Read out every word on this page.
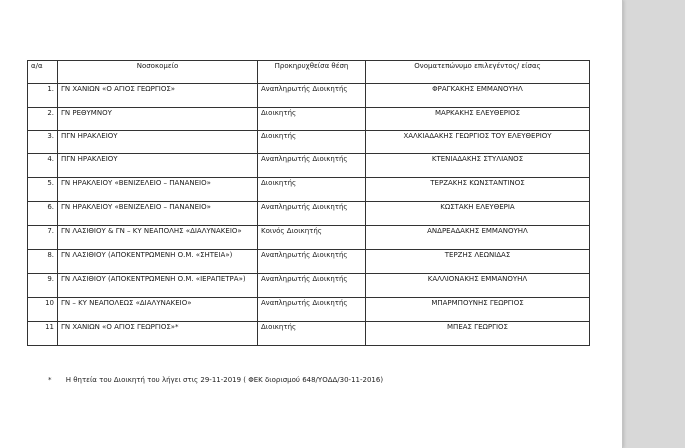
α/α	Νοσοκομείο	Προκηρυχθείσα θέση	Ονοματεπώνυμο επιλεγέντος/ είσας
1.	ΓΝ ΧΑΝΙΩΝ «Ο ΑΓΙΟΣ ΓΕΩΡΓΙΟΣ»	Αναπληρωτής Διοικητής	ΦΡΑΓΚΑΚΗΣ ΕΜΜΑΝΟΥΗΛ
2.	ΓΝ ΡΕΘΥΜΝΟΥ	Διοικητής	ΜΑΡΚΑΚΗΣ ΕΛΕΥΘΕΡΙΟΣ
3.	ΠΓΝ ΗΡΑΚΛΕΙΟΥ	Διοικητής	ΧΑΛΚΙΑΔΑΚΗΣ ΓΕΩΡΓΙΟΣ ΤΟΥ ΕΛΕΥΘΕΡΙΟΥ
4.	ΠΓΝ ΗΡΑΚΛΕΙΟΥ	Αναπληρωτής Διοικητής	ΚΤΕΝΙΑΔΑΚΗΣ ΣΤΥΛΙΑΝΟΣ
5.	ΓΝ ΗΡΑΚΛΕΙΟΥ «ΒΕΝΙΖΕΛΕΙΟ – ΠΑΝΑΝΕΙΟ»	Διοικητής	ΤΕΡΖΑΚΗΣ ΚΩΝΣΤΑΝΤΙΝΟΣ
6.	ΓΝ ΗΡΑΚΛΕΙΟΥ «ΒΕΝΙΖΕΛΕΙΟ – ΠΑΝΑΝΕΙΟ»	Αναπληρωτής Διοικητής	ΚΩΣΤΑΚΗ ΕΛΕΥΘΕΡΙΑ
7.	ΓΝ ΛΑΣΙΘΙΟΥ & ΓΝ – ΚΥ ΝΕΑΠΟΛΗΣ «ΔΙΑΛΥΝΑΚΕΙΟ»	Κοινός Διοικητής	ΑΝΔΡΕΑΔΑΚΗΣ ΕΜΜΑΝΟΥΗΛ
8.	ΓΝ ΛΑΣΙΘΙΟΥ (ΑΠΟΚΕΝΤΡΩΜΕΝΗ Ο.Μ. «ΣΗΤΕΙΑ»)	Αναπληρωτής Διοικητής	ΤΕΡΖΗΣ ΛΕΩΝΙΔΑΣ
9.	ΓΝ ΛΑΣΙΘΙΟΥ (ΑΠΟΚΕΝΤΡΩΜΕΝΗ Ο.Μ. «ΙΕΡΑΠΕΤΡΑ»)	Αναπληρωτής Διοικητής	ΚΑΛΛΙΟΝΑΚΗΣ ΕΜΜΑΝΟΥΗΛ
10	ΓΝ – ΚΥ ΝΕΑΠΟΛΕΩΣ «ΔΙΑΛΥΝΑΚΕΙΟ»	Αναπληρωτής Διοικητής	ΜΠΑΡΜΠΟΥΝΗΣ ΓΕΩΡΓΙΟΣ
11	ΓΝ ΧΑΝΙΩΝ «Ο ΑΓΙΟΣ ΓΕΩΡΓΙΟΣ»*	Διοικητής	ΜΠΕΑΣ ΓΕΩΡΓΙΟΣ
* Η θητεία του Διοικητή του λήγει στις 29-11-2019 ( ΦΕΚ διορισμού 648/ΥΟΔΔ/30-11-2016)
